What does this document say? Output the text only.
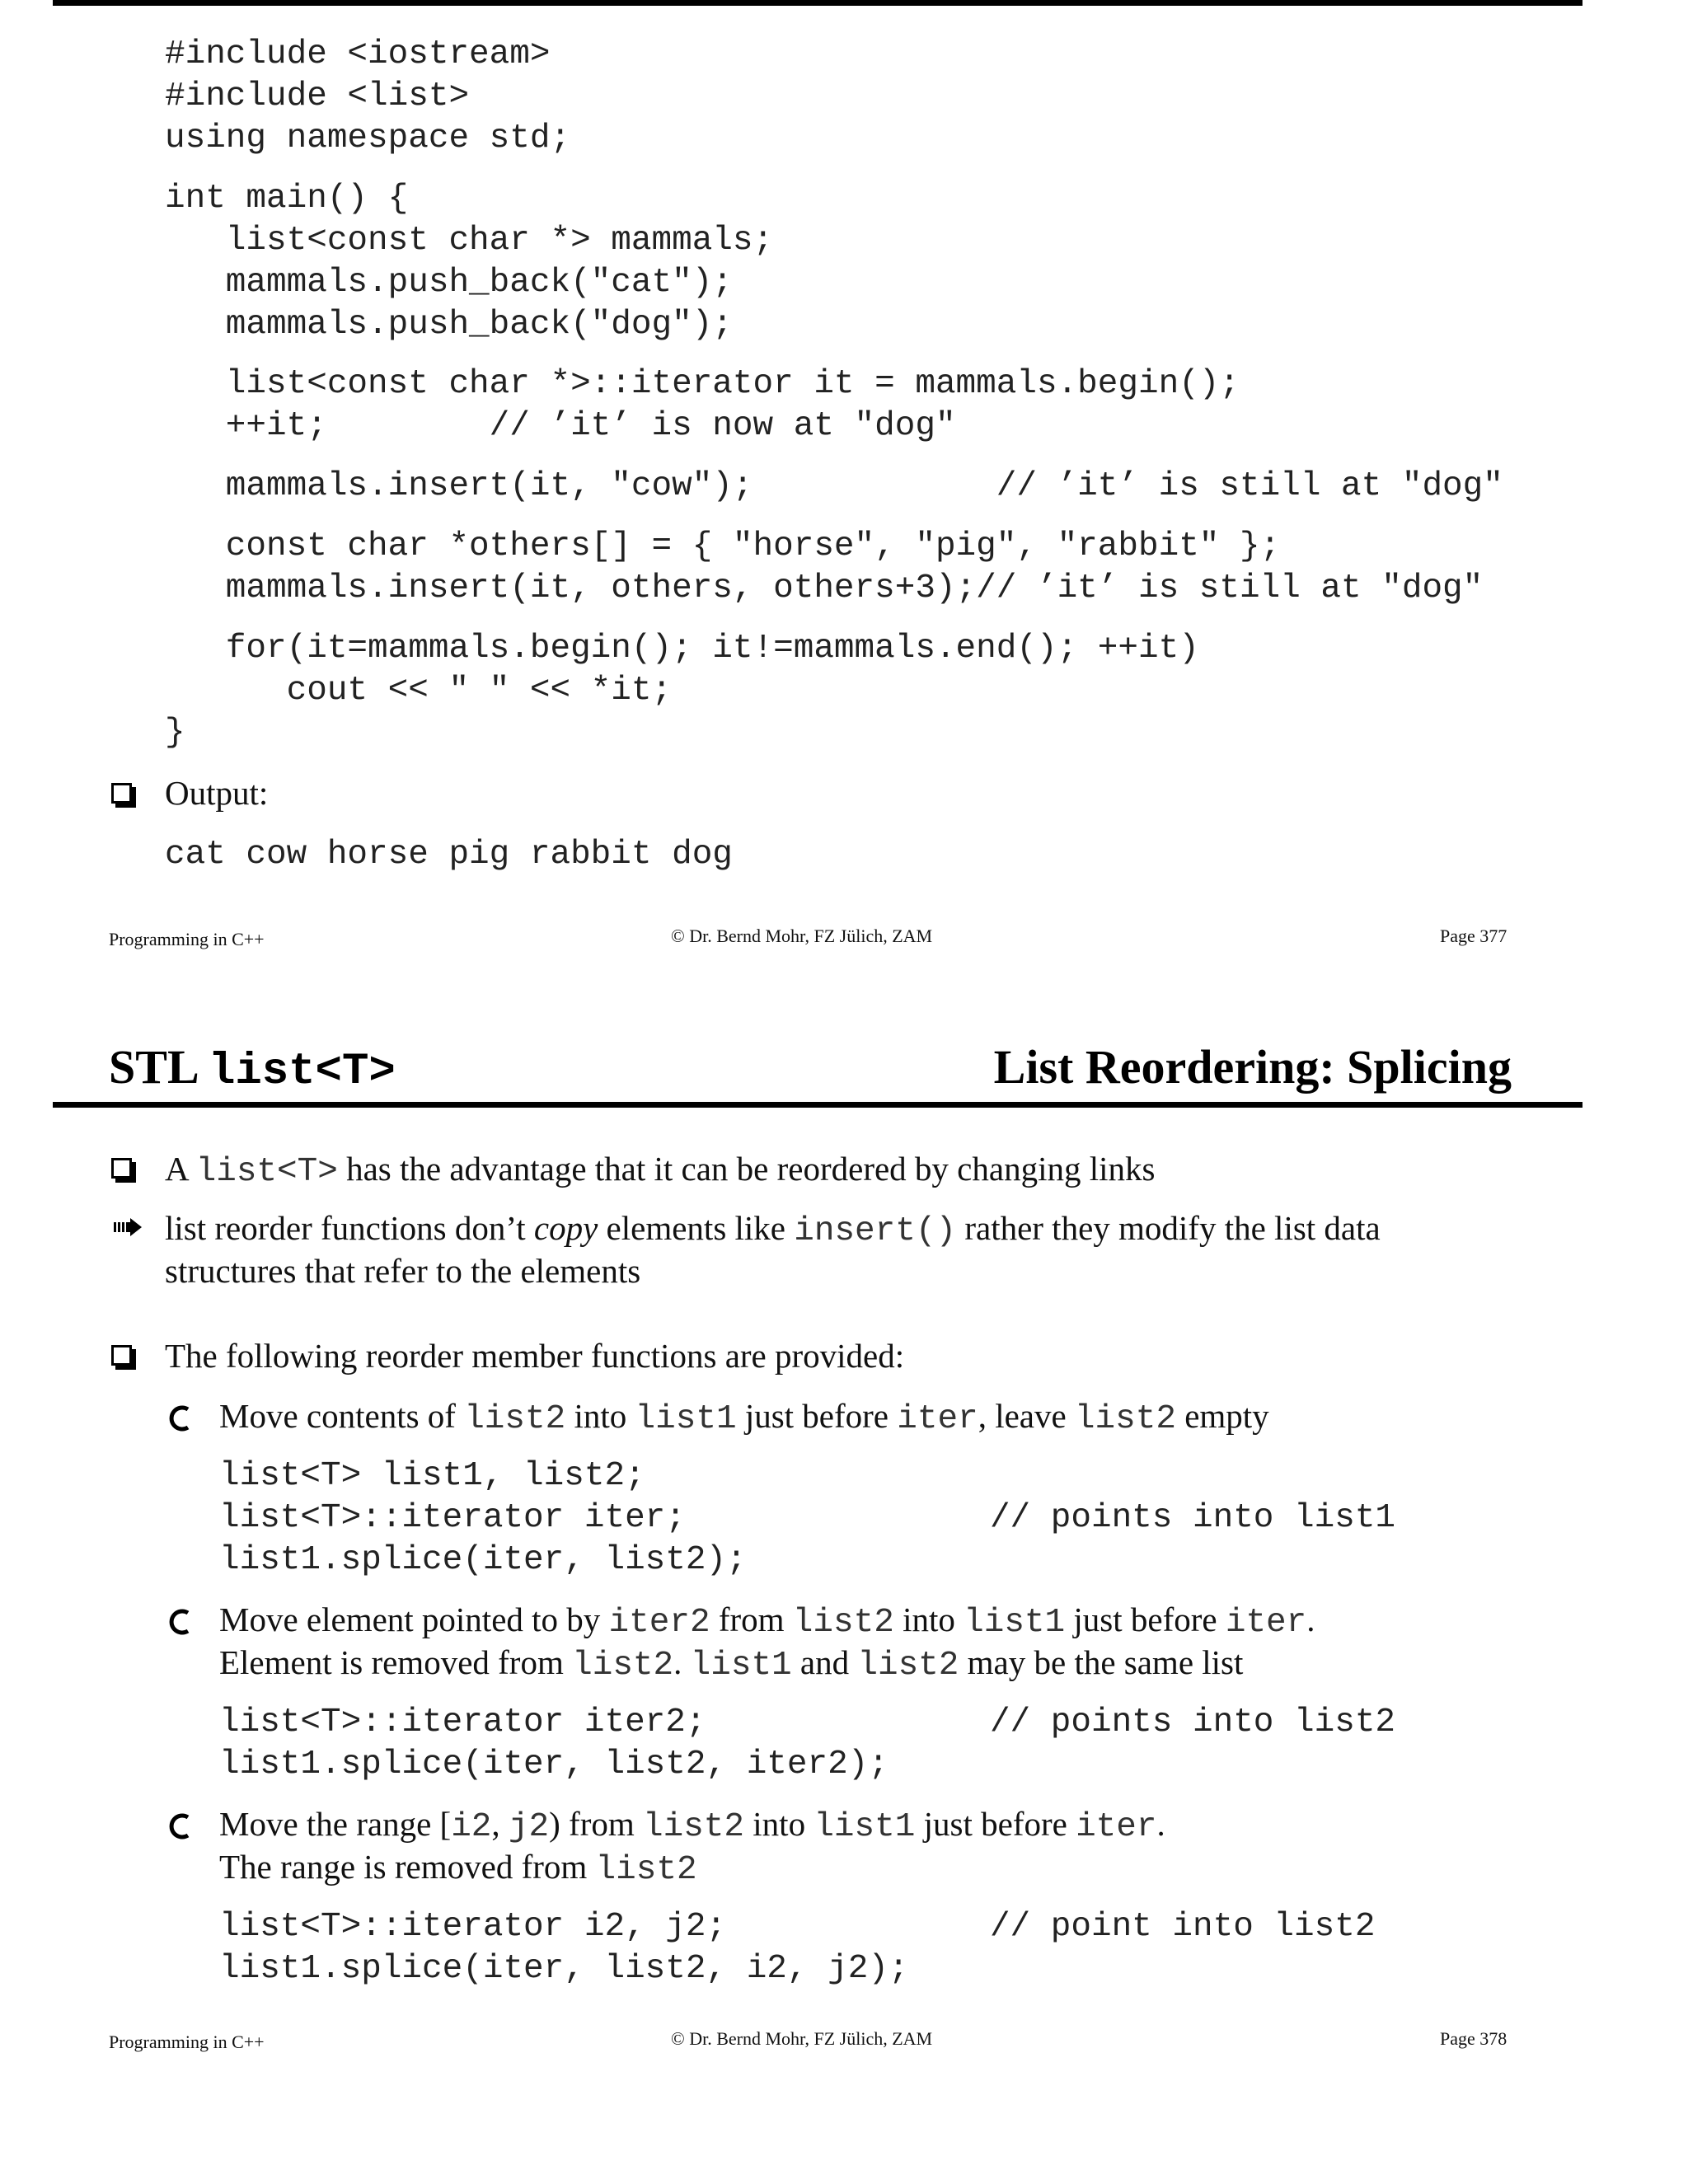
#include <iostream>
#include <list>
using namespace std;
int main() {
list<const char *> mammals;
mammals.push_back("cat");
mammals.push_back("dog");
list<const char *>::iterator it = mammals.begin();
++it;        // ’it’ is now at "dog"
mammals.insert(it, "cow");            // ’it’ is still at "dog"
const char *others[] = { "horse", "pig", "rabbit" };
mammals.insert(it, others, others+3);// ’it’ is still at "dog"
for(it=mammals.begin(); it!=mammals.end(); ++it)
cout << " " << *it;
}
Output:
cat cow horse pig rabbit dog
Programming in C++	© Dr. Bernd Mohr, FZ Jülich, ZAM	Page 377
STL list<T>	List Reordering: Splicing
A list<T> has the advantage that it can be reordered by changing links
list reorder functions don’t copy elements like insert() rather they modify the list data
structures that refer to the elements
The following reorder member functions are provided:
Move contents of list2 into list1 just before iter, leave list2 empty
list<T> list1, list2;
list<T>::iterator iter;               // points into list1
list1.splice(iter, list2);
Move element pointed to by iter2 from list2 into list1 just before iter.
Element is removed from list2. list1 and list2 may be the same list
list<T>::iterator iter2;              // points into list2
list1.splice(iter, list2, iter2);
Move the range [i2, j2) from list2 into list1 just before iter.
The range is removed from list2
list<T>::iterator i2, j2;             // point into list2
list1.splice(iter, list2, i2, j2);
Programming in C++	© Dr. Bernd Mohr, FZ Jülich, ZAM	Page 378
